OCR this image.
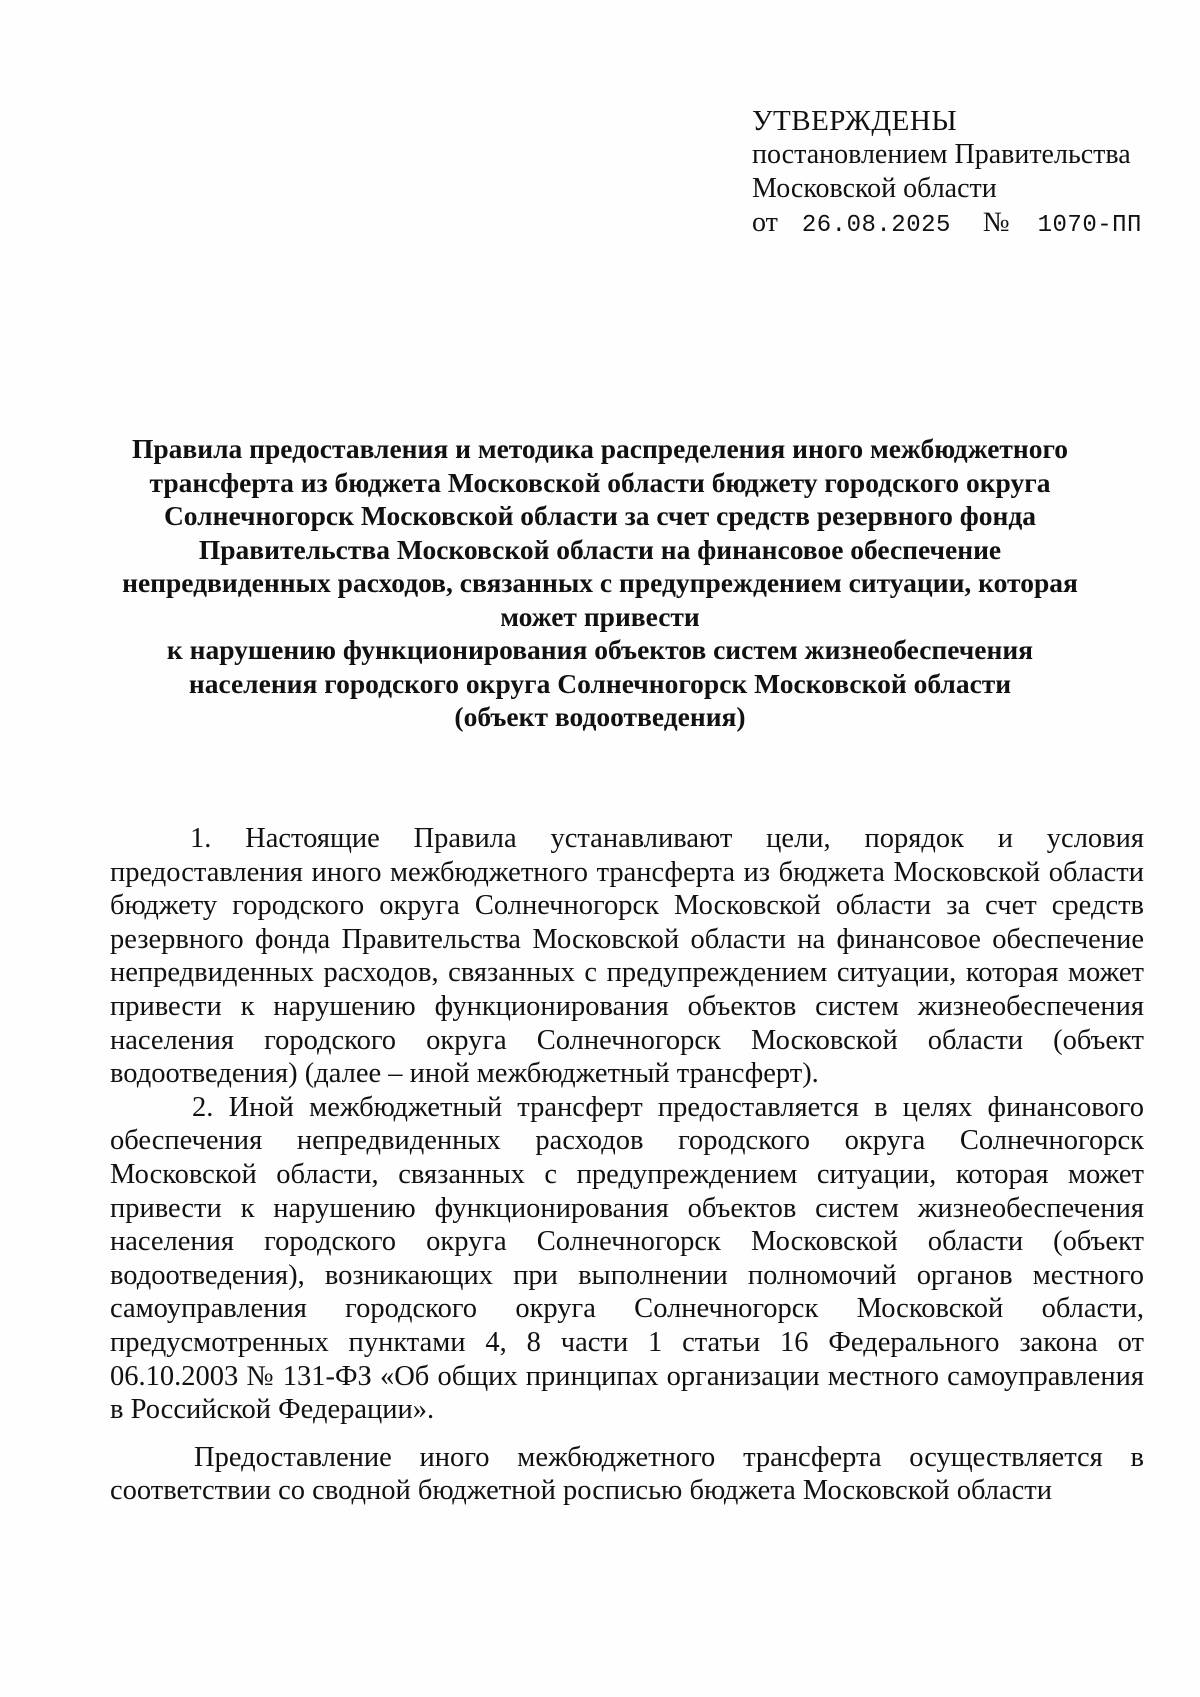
УТВЕРЖДЕНЫ
постановлением Правительства
Московской области
от 26.08.2025 № 1070-ПП
Правила предоставления и методика распределения иного межбюджетного
трансферта из бюджета Московской области бюджету городского округа
Солнечногорск Московской области за счет средств резервного фонда
Правительства Московской области на финансовое обеспечение
непредвиденных расходов, связанных с предупреждением ситуации, которая
может привести
к нарушению функционирования объектов систем жизнеобеспечения
населения городского округа Солнечногорск Московской области
(объект водоотведения)

1. Настоящие Правила устанавливают цели, порядок и условия предоставления иного межбюджетного трансферта из бюджета Московской области бюджету городского округа Солнечногорск Московской области за счет средств резервного фонда Правительства Московской области на финансовое обеспечение непредвиденных расходов, связанных с предупреждением ситуации, которая может привести к нарушению функционирования объектов систем жизнеобеспечения населения городского округа Солнечногорск Московской области (объект водоотведения) (далее – иной межбюджетный трансферт).

2. Иной межбюджетный трансферт предоставляется в целях финансового обеспечения непредвиденных расходов городского округа Солнечногорск Московской области, связанных с предупреждением ситуации, которая может привести к нарушению функционирования объектов систем жизнеобеспечения населения городского округа Солнечногорск Московской области (объект водоотведения), возникающих при выполнении полномочий органов местного самоуправления городского округа Солнечногорск Московской области, предусмотренных пунктами 4, 8 части 1 статьи 16 Федерального закона от 06.10.2003 № 131-ФЗ «Об общих принципах организации местного самоуправления в Российской Федерации».

Предоставление иного межбюджетного трансферта осуществляется в соответствии со сводной бюджетной росписью бюджета Московской области
